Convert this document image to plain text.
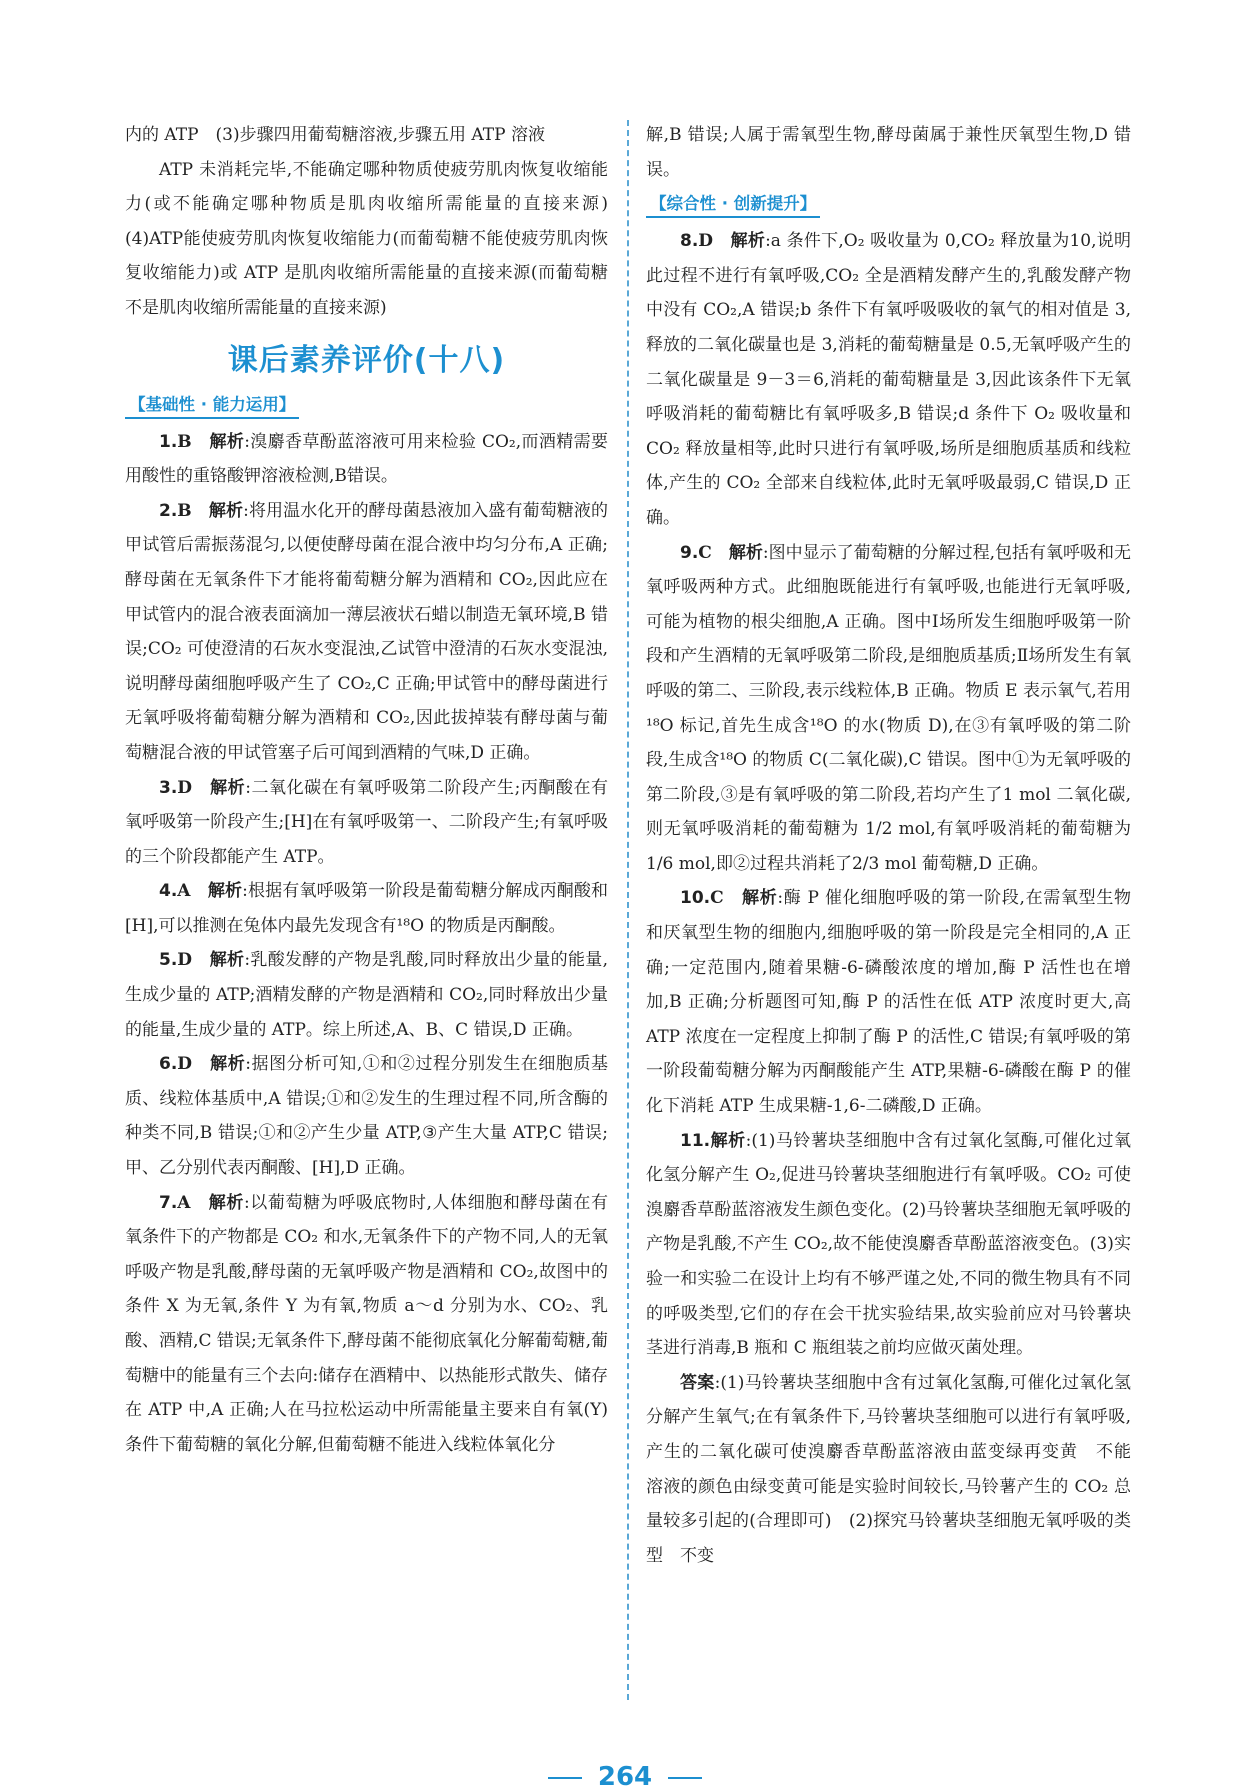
内的 ATP　(3)步骤四用葡萄糖溶液,步骤五用 ATP 溶液

ATP 未消耗完毕,不能确定哪种物质使疲劳肌肉恢复收缩能力(或不能确定哪种物质是肌肉收缩所需能量的直接来源)　(4)ATP能使疲劳肌肉恢复收缩能力(而葡萄糖不能使疲劳肌肉恢复收缩能力)或 ATP 是肌肉收缩所需能量的直接来源(而葡萄糖不是肌肉收缩所需能量的直接来源)

课后素养评价(十八)
【基础性 · 能力运用】

1.B　 解析:溴麝香草酚蓝溶液可用来检验 CO₂,而酒精需要用酸性的重铬酸钾溶液检测,B错误。

2.B　 解析:将用温水化开的酵母菌悬液加入盛有葡萄糖液的甲试管后需振荡混匀,以便使酵母菌在混合液中均匀分布,A 正确;酵母菌在无氧条件下才能将葡萄糖分解为酒精和 CO₂,因此应在甲试管内的混合液表面滴加一薄层液状石蜡以制造无氧环境,B 错误;CO₂ 可使澄清的石灰水变混浊,乙试管中澄清的石灰水变混浊,说明酵母菌细胞呼吸产生了 CO₂,C 正确;甲试管中的酵母菌进行无氧呼吸将葡萄糖分解为酒精和 CO₂,因此拔掉装有酵母菌与葡萄糖混合液的甲试管塞子后可闻到酒精的气味,D 正确。

3.D　 解析:二氧化碳在有氧呼吸第二阶段产生;丙酮酸在有氧呼吸第一阶段产生;[H]在有氧呼吸第一、二阶段产生;有氧呼吸的三个阶段都能产生 ATP。

4.A　 解析:根据有氧呼吸第一阶段是葡萄糖分解成丙酮酸和[H],可以推测在兔体内最先发现含有¹⁸O 的物质是丙酮酸。

5.D　 解析:乳酸发酵的产物是乳酸,同时释放出少量的能量,生成少量的 ATP;酒精发酵的产物是酒精和 CO₂,同时释放出少量的能量,生成少量的 ATP。综上所述,A、B、C 错误,D 正确。

6.D　 解析:据图分析可知,①和②过程分别发生在细胞质基质、线粒体基质中,A 错误;①和②发生的生理过程不同,所含酶的种类不同,B 错误;①和②产生少量 ATP,③产生大量 ATP,C 错误;甲、乙分别代表丙酮酸、[H],D 正确。

7.A　 解析:以葡萄糖为呼吸底物时,人体细胞和酵母菌在有氧条件下的产物都是 CO₂ 和水,无氧条件下的产物不同,人的无氧呼吸产物是乳酸,酵母菌的无氧呼吸产物是酒精和 CO₂,故图中的条件 X 为无氧,条件 Y 为有氧,物质 a～d 分别为水、CO₂、乳酸、酒精,C 错误;无氧条件下,酵母菌不能彻底氧化分解葡萄糖,葡萄糖中的能量有三个去向:储存在酒精中、以热能形式散失、储存在 ATP 中,A 正确;人在马拉松运动中所需能量主要来自有氧(Y)条件下葡萄糖的氧化分解,但葡萄糖不能进入线粒体氧化分

解,B 错误;人属于需氧型生物,酵母菌属于兼性厌氧型生物,D 错误。

【综合性 · 创新提升】

8.D　 解析:a 条件下,O₂ 吸收量为 0,CO₂ 释放量为10,说明此过程不进行有氧呼吸,CO₂ 全是酒精发酵产生的,乳酸发酵产物中没有 CO₂,A 错误;b 条件下有氧呼吸吸收的氧气的相对值是 3,释放的二氧化碳量也是 3,消耗的葡萄糖量是 0.5,无氧呼吸产生的二氧化碳量是 9－3＝6,消耗的葡萄糖量是 3,因此该条件下无氧呼吸消耗的葡萄糖比有氧呼吸多,B 错误;d 条件下 O₂ 吸收量和 CO₂ 释放量相等,此时只进行有氧呼吸,场所是细胞质基质和线粒体,产生的 CO₂ 全部来自线粒体,此时无氧呼吸最弱,C 错误,D 正确。

9.C　 解析:图中显示了葡萄糖的分解过程,包括有氧呼吸和无氧呼吸两种方式。此细胞既能进行有氧呼吸,也能进行无氧呼吸,可能为植物的根尖细胞,A 正确。图中Ⅰ场所发生细胞呼吸第一阶段和产生酒精的无氧呼吸第二阶段,是细胞质基质;Ⅱ场所发生有氧呼吸的第二、三阶段,表示线粒体,B 正确。物质 E 表示氧气,若用¹⁸O 标记,首先生成含¹⁸O 的水(物质 D),在③有氧呼吸的第二阶段,生成含¹⁸O 的物质 C(二氧化碳),C 错误。图中①为无氧呼吸的第二阶段,③是有氧呼吸的第二阶段,若均产生了1 mol 二氧化碳,则无氧呼吸消耗的葡萄糖为 1/2 mol,有氧呼吸消耗的葡萄糖为 1/6 mol,即②过程共消耗了2/3 mol 葡萄糖,D 正确。

10.C　 解析:酶 P 催化细胞呼吸的第一阶段,在需氧型生物和厌氧型生物的细胞内,细胞呼吸的第一阶段是完全相同的,A 正确;一定范围内,随着果糖-6-磷酸浓度的增加,酶 P 活性也在增加,B 正确;分析题图可知,酶 P 的活性在低 ATP 浓度时更大,高 ATP 浓度在一定程度上抑制了酶 P 的活性,C 错误;有氧呼吸的第一阶段葡萄糖分解为丙酮酸能产生 ATP,果糖-6-磷酸在酶 P 的催化下消耗 ATP 生成果糖-1,6-二磷酸,D 正确。

11.解析:(1)马铃薯块茎细胞中含有过氧化氢酶,可催化过氧化氢分解产生 O₂,促进马铃薯块茎细胞进行有氧呼吸。CO₂ 可使溴麝香草酚蓝溶液发生颜色变化。(2)马铃薯块茎细胞无氧呼吸的产物是乳酸,不产生 CO₂,故不能使溴麝香草酚蓝溶液变色。(3)实验一和实验二在设计上均有不够严谨之处,不同的微生物具有不同的呼吸类型,它们的存在会干扰实验结果,故实验前应对马铃薯块茎进行消毒,B 瓶和 C 瓶组装之前均应做灭菌处理。

答案:(1)马铃薯块茎细胞中含有过氧化氢酶,可催化过氧化氢分解产生氧气;在有氧条件下,马铃薯块茎细胞可以进行有氧呼吸,产生的二氧化碳可使溴麝香草酚蓝溶液由蓝变绿再变黄　不能　溶液的颜色由绿变黄可能是实验时间较长,马铃薯产生的 CO₂ 总量较多引起的(合理即可)　(2)探究马铃薯块茎细胞无氧呼吸的类型　不变

264
